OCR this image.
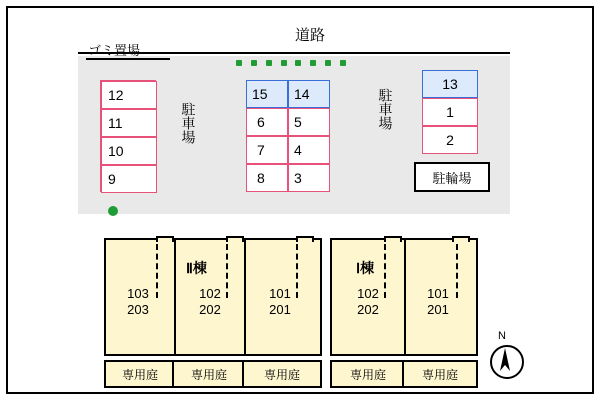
道路
ゴミ置場
12
11
10
9
駐車場
15	14
6	5
7	4
8	3
駐車場
13
1
2
駐輪場
Ⅱ棟
103
203
102
202
101
201
Ⅰ棟
102
202
101
201
専用庭	専用庭	専用庭	専用庭	専用庭
N
